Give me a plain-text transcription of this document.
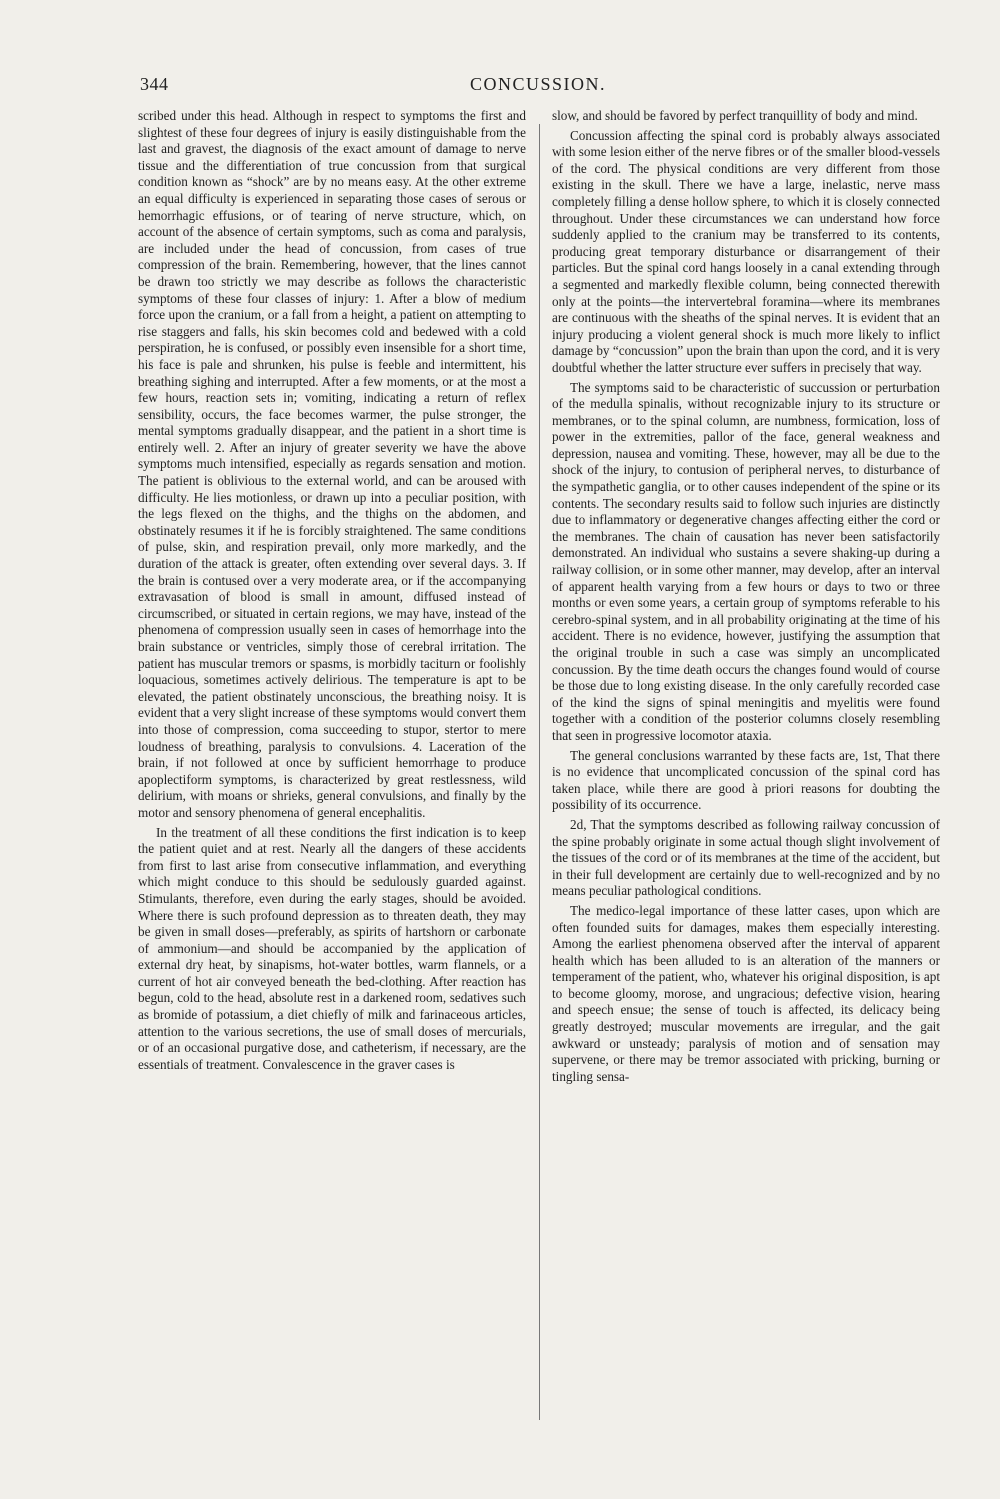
344	CONCUSSION.

scribed under this head. Although in respect to symptoms the first and slightest of these four degrees of injury is easily distinguishable from the last and gravest, the diagnosis of the exact amount of damage to nerve tissue and the differentiation of true concussion from that surgical condition known as “shock” are by no means easy. At the other extreme an equal difficulty is experienced in separating those cases of serous or hemorrhagic effusions, or of tearing of nerve structure, which, on account of the absence of certain symptoms, such as coma and paralysis, are included under the head of concussion, from cases of true compression of the brain. Remembering, however, that the lines cannot be drawn too strictly we may describe as follows the characteristic symptoms of these four classes of injury: 1. After a blow of medium force upon the cranium, or a fall from a height, a patient on attempting to rise staggers and falls, his skin becomes cold and bedewed with a cold perspiration, he is confused, or possibly even insensible for a short time, his face is pale and shrunken, his pulse is feeble and intermittent, his breathing sighing and interrupted. After a few moments, or at the most a few hours, reaction sets in; vomiting, indicating a return of reflex sensibility, occurs, the face becomes warmer, the pulse stronger, the mental symptoms gradually disappear, and the patient in a short time is entirely well. 2. After an injury of greater severity we have the above symptoms much intensified, especially as regards sensation and motion. The patient is oblivious to the external world, and can be aroused with difficulty. He lies motionless, or drawn up into a peculiar position, with the legs flexed on the thighs, and the thighs on the abdomen, and obstinately resumes it if he is forcibly straightened. The same conditions of pulse, skin, and respiration prevail, only more markedly, and the duration of the attack is greater, often extending over several days. 3. If the brain is contused over a very moderate area, or if the accompanying extravasation of blood is small in amount, diffused instead of circumscribed, or situated in certain regions, we may have, instead of the phenomena of compression usually seen in cases of hemorrhage into the brain substance or ventricles, simply those of cerebral irritation. The patient has muscular tremors or spasms, is morbidly taciturn or foolishly loquacious, sometimes actively delirious. The temperature is apt to be elevated, the patient obstinately unconscious, the breathing noisy. It is evident that a very slight increase of these symptoms would convert them into those of compression, coma succeeding to stupor, stertor to mere loudness of breathing, paralysis to convulsions. 4. Laceration of the brain, if not followed at once by sufficient hemorrhage to produce apoplectiform symptoms, is characterized by great restlessness, wild delirium, with moans or shrieks, general convulsions, and finally by the motor and sensory phenomena of general encephalitis.

In the treatment of all these conditions the first indication is to keep the patient quiet and at rest. Nearly all the dangers of these accidents from first to last arise from consecutive inflammation, and everything which might conduce to this should be sedulously guarded against. Stimulants, therefore, even during the early stages, should be avoided. Where there is such profound depression as to threaten death, they may be given in small doses—preferably, as spirits of hartshorn or carbonate of ammonium—and should be accompanied by the application of external dry heat, by sinapisms, hot-water bottles, warm flannels, or a current of hot air conveyed beneath the bed-clothing. After reaction has begun, cold to the head, absolute rest in a darkened room, sedatives such as bromide of potassium, a diet chiefly of milk and farinaceous articles, attention to the various secretions, the use of small doses of mercurials, or of an occasional purgative dose, and catheterism, if necessary, are the essentials of treatment. Convalescence in the graver cases is

slow, and should be favored by perfect tranquillity of body and mind.

Concussion affecting the spinal cord is probably always associated with some lesion either of the nerve fibres or of the smaller blood-vessels of the cord. The physical conditions are very different from those existing in the skull. There we have a large, inelastic, nerve mass completely filling a dense hollow sphere, to which it is closely connected throughout. Under these circumstances we can understand how force suddenly applied to the cranium may be transferred to its contents, producing great temporary disturbance or disarrangement of their particles. But the spinal cord hangs loosely in a canal extending through a segmented and markedly flexible column, being connected therewith only at the points—the intervertebral foramina—where its membranes are continuous with the sheaths of the spinal nerves. It is evident that an injury producing a violent general shock is much more likely to inflict damage by “concussion” upon the brain than upon the cord, and it is very doubtful whether the latter structure ever suffers in precisely that way.

The symptoms said to be characteristic of succussion or perturbation of the medulla spinalis, without recognizable injury to its structure or membranes, or to the spinal column, are numbness, formication, loss of power in the extremities, pallor of the face, general weakness and depression, nausea and vomiting. These, however, may all be due to the shock of the injury, to contusion of peripheral nerves, to disturbance of the sympathetic ganglia, or to other causes independent of the spine or its contents. The secondary results said to follow such injuries are distinctly due to inflammatory or degenerative changes affecting either the cord or the membranes. The chain of causation has never been satisfactorily demonstrated. An individual who sustains a severe shaking-up during a railway collision, or in some other manner, may develop, after an interval of apparent health varying from a few hours or days to two or three months or even some years, a certain group of symptoms referable to his cerebro-spinal system, and in all probability originating at the time of his accident. There is no evidence, however, justifying the assumption that the original trouble in such a case was simply an uncomplicated concussion. By the time death occurs the changes found would of course be those due to long existing disease. In the only carefully recorded case of the kind the signs of spinal meningitis and myelitis were found together with a condition of the posterior columns closely resembling that seen in progressive locomotor ataxia.

The general conclusions warranted by these facts are, 1st, That there is no evidence that uncomplicated concussion of the spinal cord has taken place, while there are good à priori reasons for doubting the possibility of its occurrence.

2d, That the symptoms described as following railway concussion of the spine probably originate in some actual though slight involvement of the tissues of the cord or of its membranes at the time of the accident, but in their full development are certainly due to well-recognized and by no means peculiar pathological conditions.

The medico-legal importance of these latter cases, upon which are often founded suits for damages, makes them especially interesting. Among the earliest phenomena observed after the interval of apparent health which has been alluded to is an alteration of the manners or temperament of the patient, who, whatever his original disposition, is apt to become gloomy, morose, and ungracious; defective vision, hearing and speech ensue; the sense of touch is affected, its delicacy being greatly destroyed; muscular movements are irregular, and the gait awkward or unsteady; paralysis of motion and of sensation may supervene, or there may be tremor associated with pricking, burning or tingling sensa-
